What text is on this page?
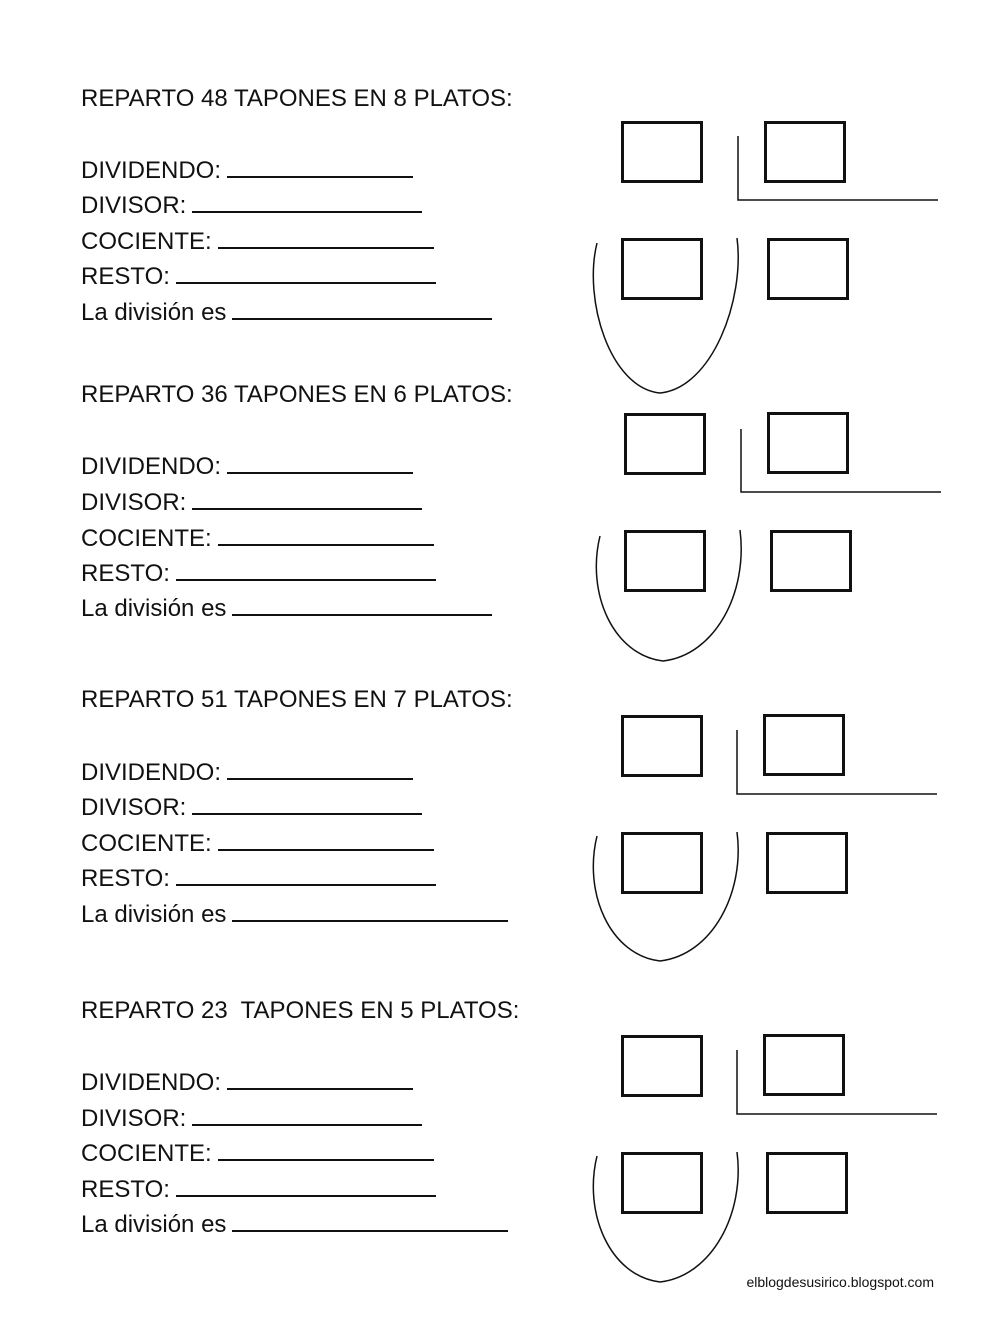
REPARTO 48 TAPONES EN 8 PLATOS:
DIVIDENDO:
DIVISOR:
COCIENTE:
RESTO:
La división es
REPARTO 36 TAPONES EN 6 PLATOS:
DIVIDENDO:
DIVISOR:
COCIENTE:
RESTO:
La división es
REPARTO 51 TAPONES EN 7 PLATOS:
DIVIDENDO:
DIVISOR:
COCIENTE:
RESTO:
La división es
REPARTO 23  TAPONES EN 5 PLATOS:
DIVIDENDO:
DIVISOR:
COCIENTE:
RESTO:
La división es
elblogdesusirico.blogspot.com
